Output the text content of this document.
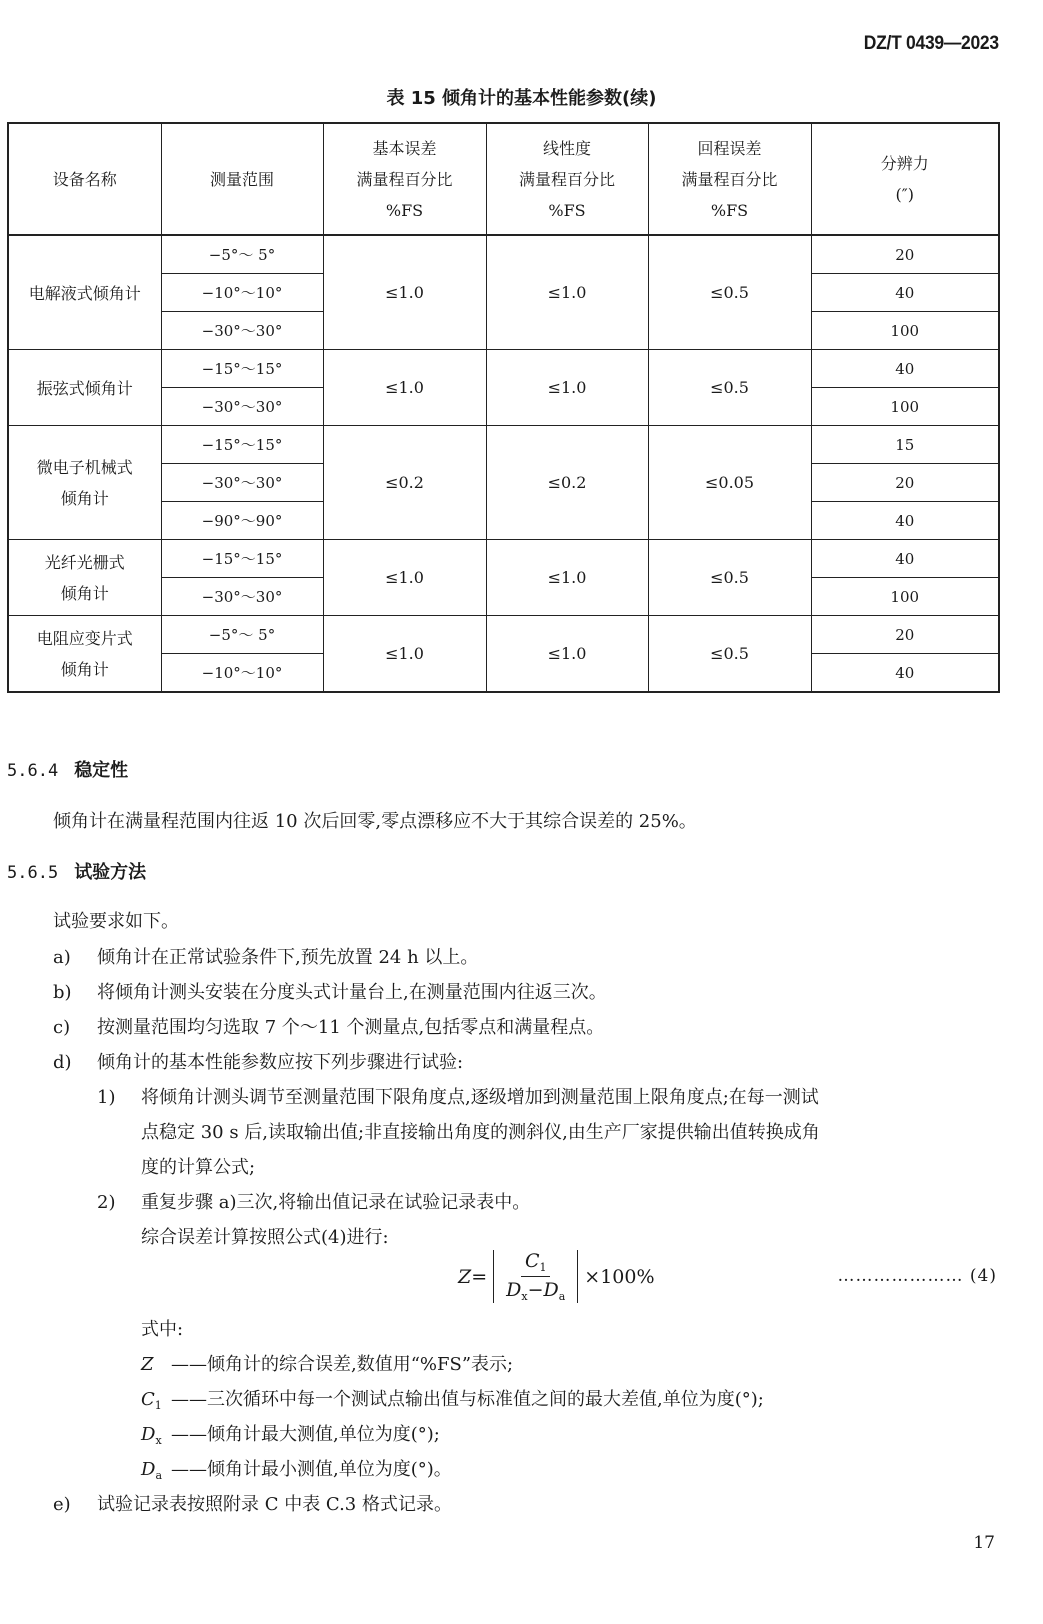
DZ/T 0439—2023
表 15 倾角计的基本性能参数(续)
设备名称	测量范围	基本误差
满量程百分比
%FS	线性度
满量程百分比
%FS	回程误差
满量程百分比
%FS	分辨力
(″)
电解液式倾角计	−5°～ 5°	≤1.0	≤1.0	≤0.5	20
	−10°～10°				40
	−30°～30°				100
振弦式倾角计	−15°～15°	≤1.0	≤1.0	≤0.5	40
	−30°～30°				100
微电子机械式
倾角计	−15°～15°	≤0.2	≤0.2	≤0.05	15
	−30°～30°				20
	−90°～90°				40
光纤光栅式
倾角计	−15°～15°	≤1.0	≤1.0	≤0.5	40
	−30°～30°				100
电阻应变片式
倾角计	−5°～ 5°	≤1.0	≤1.0	≤0.5	20
	−10°～10°				40
5.6.4 稳定性
倾角计在满量程范围内往返 10 次后回零,零点漂移应不大于其综合误差的 25%。
5.6.5 试验方法
试验要求如下。
a) 倾角计在正常试验条件下,预先放置 24 h 以上。
b) 将倾角计测头安装在分度头式计量台上,在测量范围内往返三次。
c) 按测量范围均匀选取 7 个～11 个测量点,包括零点和满量程点。
d) 倾角计的基本性能参数应按下列步骤进行试验:
1) 将倾角计测头调节至测量范围下限角度点,逐级增加到测量范围上限角度点;在每一测试
点稳定 30 s 后,读取输出值;非直接输出角度的测斜仪,由生产厂家提供输出值转换成角
度的计算公式;
2) 重复步骤 a)三次,将输出值记录在试验记录表中。
综合误差计算按照公式(4)进行:
$Z = \frac{C_1}{D_x-D_a} \times 100\%$	………………… (4)
式中:
Z ——倾角计的综合误差,数值用“%FS”表示;
$C_1$ ——三次循环中每一个测试点输出值与标准值之间的最大差值,单位为度(°);
$D_x$ ——倾角计最大测值,单位为度(°);
$D_a$ ——倾角计最小测值,单位为度(°)。
e) 试验记录表按照附录 C 中表 C.3 格式记录。
17
